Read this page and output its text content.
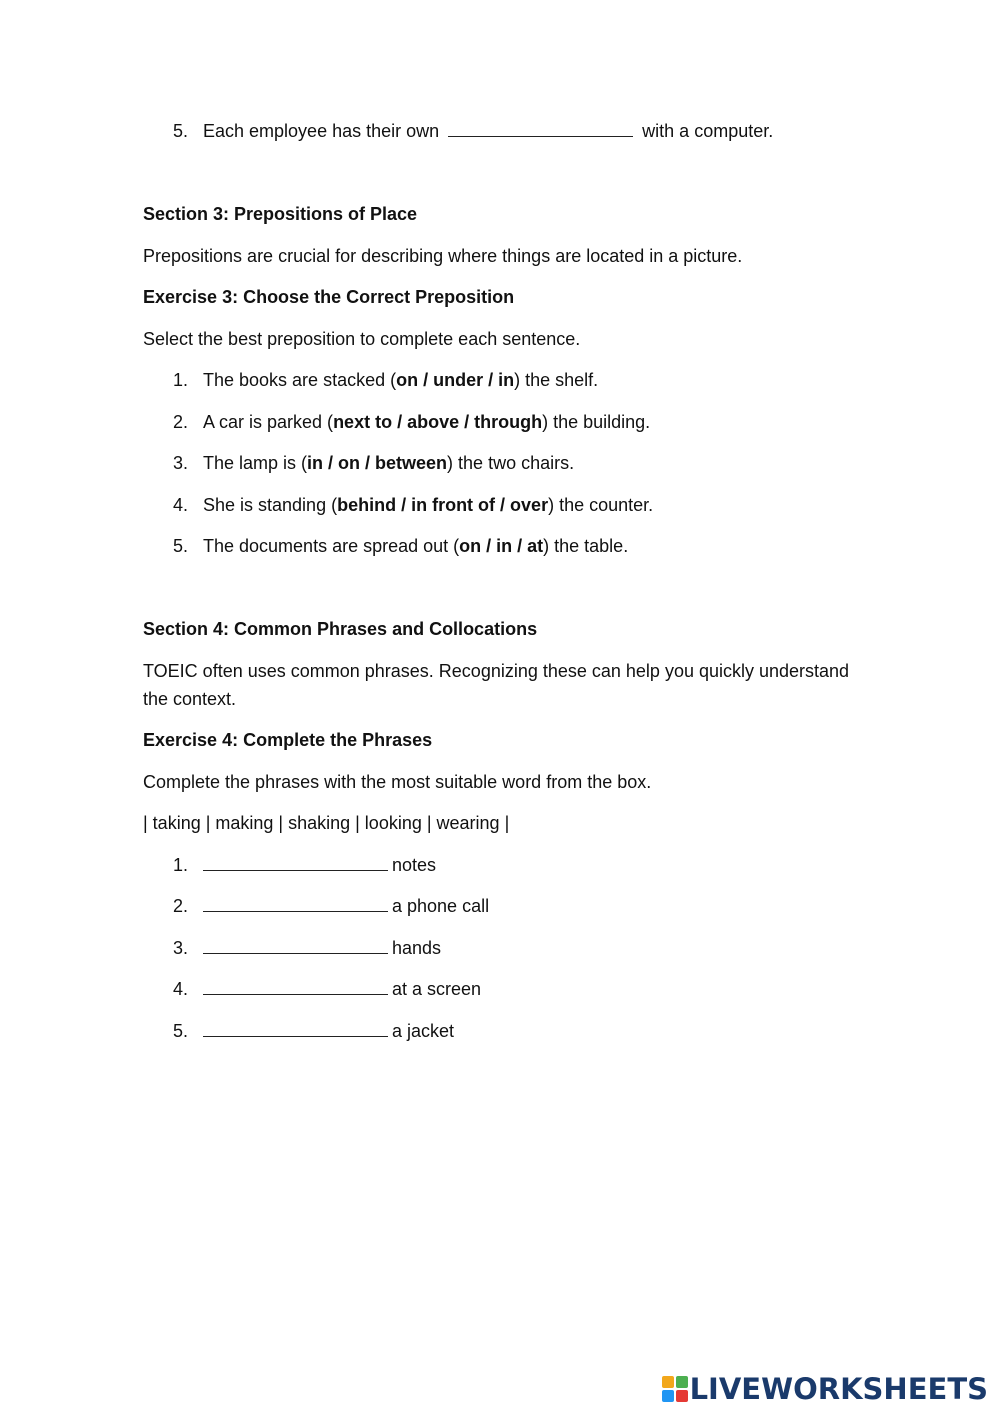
5. Each employee has their own	with a computer.
Section 3: Prepositions of Place
Prepositions are crucial for describing where things are located in a picture.
Exercise 3: Choose the Correct Preposition
Select the best preposition to complete each sentence.
1. The books are stacked (on / under / in) the shelf.
2. A car is parked (next to / above / through) the building.
3. The lamp is (in / on / between) the two chairs.
4. She is standing (behind / in front of / over) the counter.
5. The documents are spread out (on / in / at) the table.
Section 4: Common Phrases and Collocations
TOEIC often uses common phrases. Recognizing these can help you quickly understand
the context.
Exercise 4: Complete the Phrases
Complete the phrases with the most suitable word from the box.
| taking | making | shaking | looking | wearing |
1.	notes
2.	a phone call
3.	hands
4.	at a screen
5.	a jacket
LIVEWORKSHEETS
